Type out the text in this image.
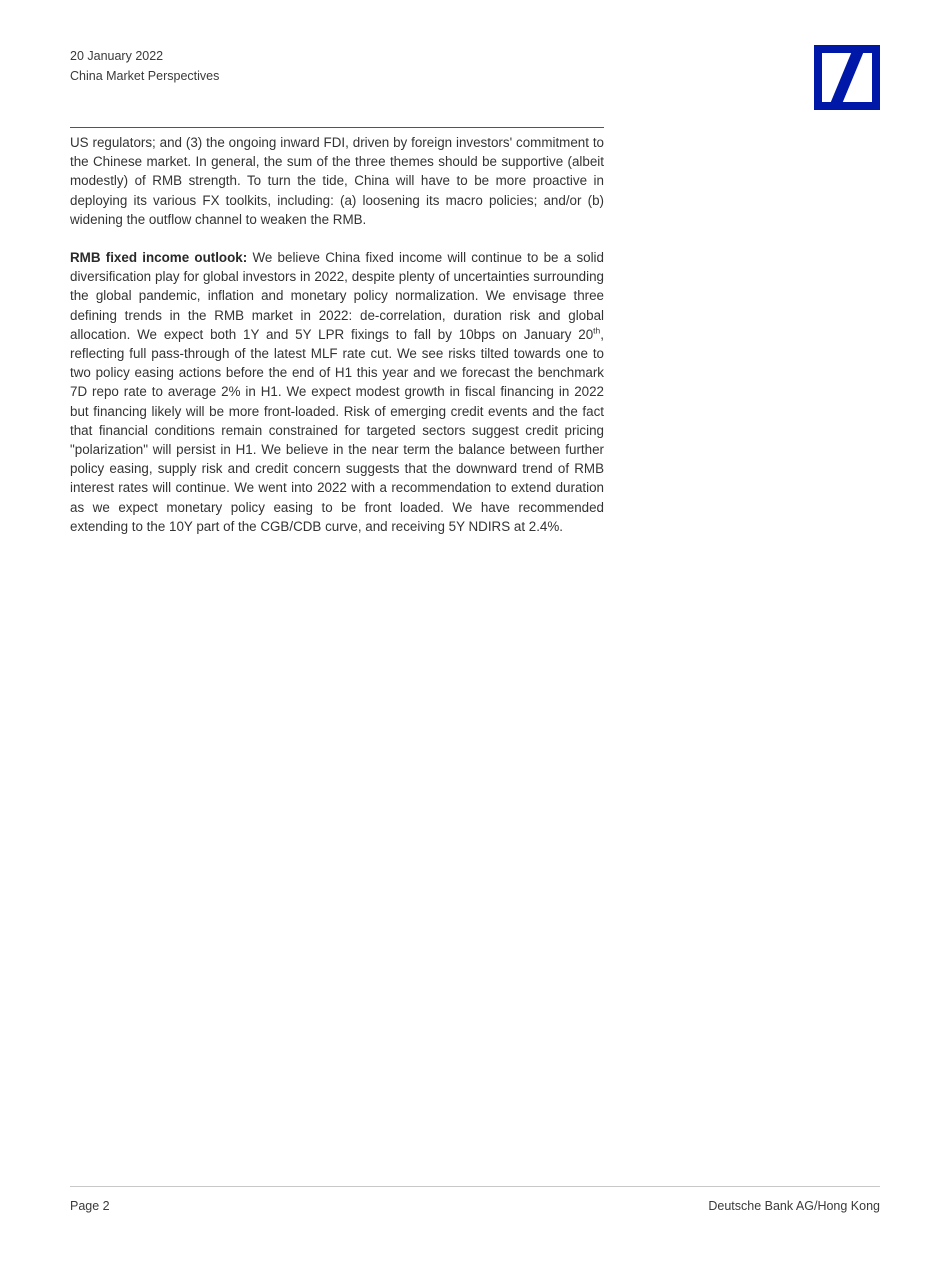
20 January 2022
China Market Perspectives

US regulators; and (3) the ongoing inward FDI, driven by foreign investors' commitment to the Chinese market. In general, the sum of the three themes should be supportive (albeit modestly) of RMB strength. To turn the tide, China will have to be more proactive in deploying its various FX toolkits, including: (a) loosening its macro policies; and/or (b) widening the outflow channel to weaken the RMB.

RMB fixed income outlook: We believe China fixed income will continue to be a solid diversification play for global investors in 2022, despite plenty of uncertainties surrounding the global pandemic, inflation and monetary policy normalization. We envisage three defining trends in the RMB market in 2022: de-correlation, duration risk and global allocation. We expect both 1Y and 5Y LPR fixings to fall by 10bps on January 20th, reflecting full pass-through of the latest MLF rate cut. We see risks tilted towards one to two policy easing actions before the end of H1 this year and we forecast the benchmark 7D repo rate to average 2% in H1. We expect modest growth in fiscal financing in 2022 but financing likely will be more front-loaded. Risk of emerging credit events and the fact that financial conditions remain constrained for targeted sectors suggest credit pricing "polarization" will persist in H1. We believe in the near term the balance between further policy easing, supply risk and credit concern suggests that the downward trend of RMB interest rates will continue. We went into 2022 with a recommendation to extend duration as we expect monetary policy easing to be front loaded. We have recommended extending to the 10Y part of the CGB/CDB curve, and receiving 5Y NDIRS at 2.4%.

Page 2	Deutsche Bank AG/Hong Kong
